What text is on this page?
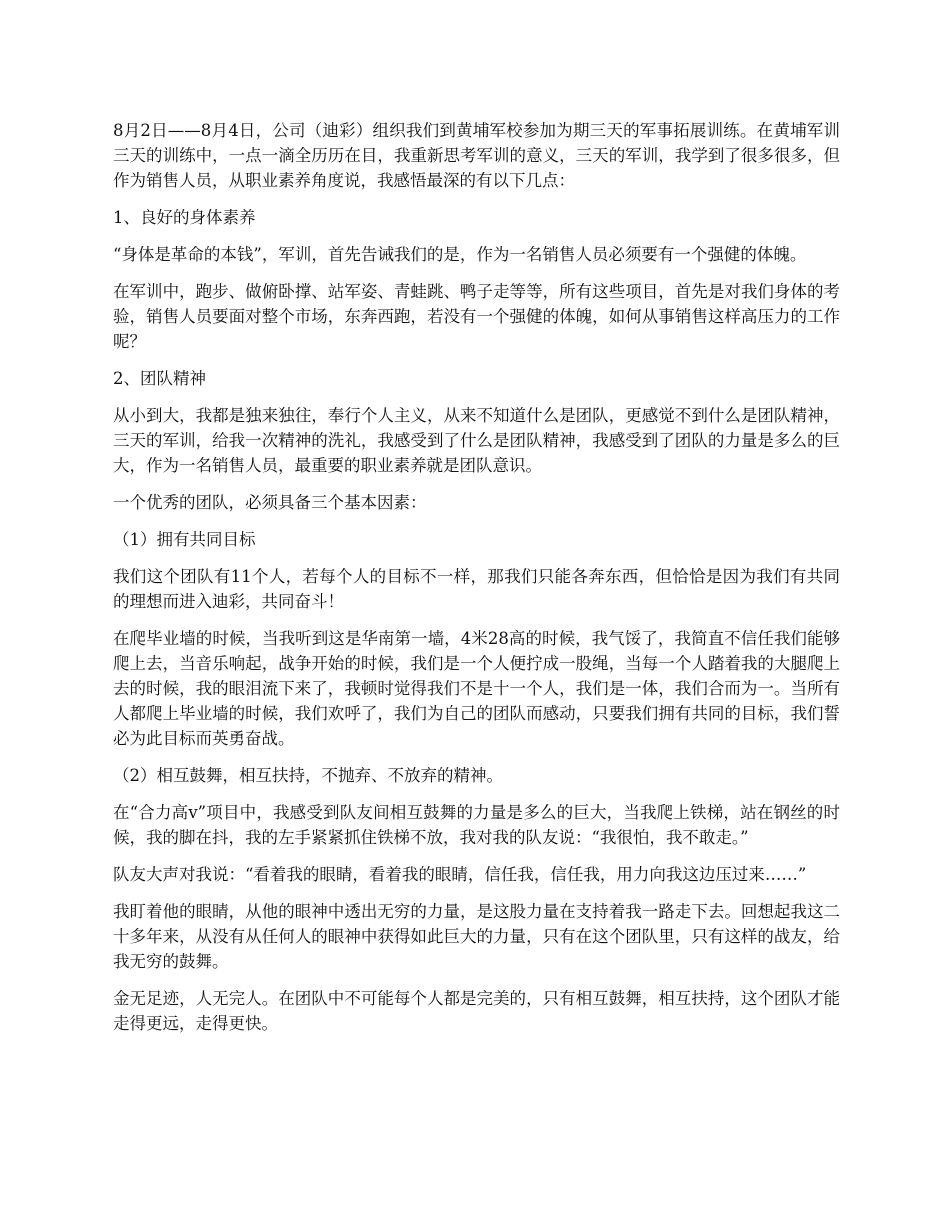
8月2日——8月4日，公司（迪彩）组织我们到黄埔军校参加为期三天的军事拓展训练。在黄埔军训三天的训练中，一点一滴全历历在目，我重新思考军训的意义，三天的军训，我学到了很多很多，但作为销售人员，从职业素养角度说，我感悟最深的有以下几点：

1、良好的身体素养

“身体是革命的本钱”，军训，首先告诫我们的是，作为一名销售人员必须要有一个强健的体魄。

在军训中，跑步、做俯卧撑、站军姿、青蛙跳、鸭子走等等，所有这些项目，首先是对我们身体的考验，销售人员要面对整个市场，东奔西跑，若没有一个强健的体魄，如何从事销售这样高压力的工作呢？

2、团队精神

从小到大，我都是独来独往，奉行个人主义，从来不知道什么是团队，更感觉不到什么是团队精神，三天的军训，给我一次精神的洗礼，我感受到了什么是团队精神，我感受到了团队的力量是多么的巨大，作为一名销售人员，最重要的职业素养就是团队意识。

一个优秀的团队，必须具备三个基本因素：

（1）拥有共同目标

我们这个团队有11个人，若每个人的目标不一样，那我们只能各奔东西，但恰恰是因为我们有共同的理想而进入迪彩，共同奋斗！

在爬毕业墙的时候，当我听到这是华南第一墙，4米28高的时候，我气馁了，我简直不信任我们能够爬上去，当音乐响起，战争开始的时候，我们是一个人便拧成一股绳，当每一个人踏着我的大腿爬上去的时候，我的眼泪流下来了，我顿时觉得我们不是十一个人，我们是一体，我们合而为一。当所有人都爬上毕业墙的时候，我们欢呼了，我们为自己的团队而感动，只要我们拥有共同的目标，我们誓必为此目标而英勇奋战。

（2）相互鼓舞，相互扶持，不抛弃、不放弃的精神。

在“合力高v”项目中，我感受到队友间相互鼓舞的力量是多么的巨大，当我爬上铁梯，站在钢丝的时候，我的脚在抖，我的左手紧紧抓住铁梯不放，我对我的队友说：“我很怕，我不敢走。”

队友大声对我说：“看着我的眼睛，看着我的眼睛，信任我，信任我，用力向我这边压过来……”

我盯着他的眼睛，从他的眼神中透出无穷的力量，是这股力量在支持着我一路走下去。回想起我这二十多年来，从没有从任何人的眼神中获得如此巨大的力量，只有在这个团队里，只有这样的战友，给我无穷的鼓舞。

金无足迹，人无完人。在团队中不可能每个人都是完美的，只有相互鼓舞，相互扶持，这个团队才能走得更远，走得更快。
